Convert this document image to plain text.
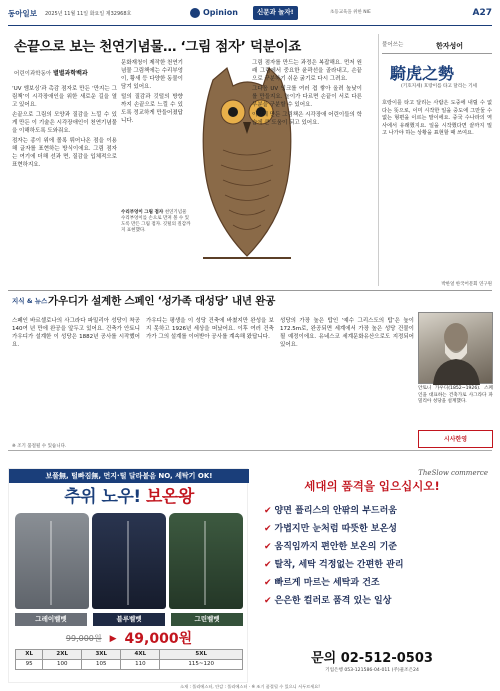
동아일보 2025년 11월 11일 화요일 제32968호	Opinion	신문과 놀자!	초등교육을 위한 NIE	A27
손끝으로 보는 천연기념물… ‘그림 점자’ 덕분이죠
어린이과학동아 별별과학백과

‘UV 엠보싱’과 촉감 점자로 만든 ‘만지는 그림책’이 시각장애인을 위한 새로운 길을 열고 있어요.

손끝으로 그림의 모양과 질감을 느낄 수 있게 만든 이 기술은 시각장애인이 천연기념물을 이해하도록 도와줘요.

점자는 종이 위에 볼록 튀어나온 점을 이용해 글자를 표현하는 방식이에요. 그림 점자는 여기에 더해 선과 면, 질감을 입체적으로 표현하지요.

문화재청이 제작한 천연기념물 그림책에는 수리부엉이, 황새 등 다양한 동물이 담겨 있어요.

털의 질감과 깃털의 방향까지 손끝으로 느낄 수 있도록 정교하게 만들어졌답니다.

수리부엉이 그림 점자 천연기념물 수리부엉이를 손으로 만져 볼 수 있도록 만든 그림 점자. 깃털의 질감까지 표현했다.

그림 점자를 만드는 과정은 복잡해요. 먼저 원래 그림에서 중요한 윤곽선을 골라내고, 손끝으로 구분하기 쉬운 굵기로 다시 그려요.

그다음 UV 잉크를 여러 겹 쌓아 올려 높낮이를 만들지요. 높이가 다르면 손끝이 서로 다른 부분을 구분할 수 있어요.

이렇게 만든 그림책은 시각장애 어린이들의 학습에 큰 도움이 되고 있어요.

풀어쓰는	한자성어
騎虎之勢
(기호지세) 호랑이를 타고 달리는 기세
호랑이를 타고 달리는 사람은 도중에 내릴 수 없다는 뜻으로, 이미 시작한 일을 중도에 그만둘 수 없는 형편을 이르는 말이에요. 중국 수나라의 역사에서 유래했지요. 일을 시작했다면 끝까지 밀고 나가야 하는 상황을 표현할 때 쓰여요.
박한얼 한국어문회 연구원
지식 & 뉴스 가우디가 설계한 스페인 ‘성가족 대성당’ 내년 완공
스페인 바르셀로나의 사그라다 파밀리아 성당이 착공 140여 년 만에 완공을 앞두고 있어요. 건축가 안토니 가우디가 설계한 이 성당은 1882년 공사를 시작했어요.
가우디는 평생을 이 성당 건축에 바쳤지만 완성을 보지 못하고 1926년 세상을 떠났어요. 이후 여러 건축가가 그의 설계를 이어받아 공사를 계속해 왔답니다.
성당의 가장 높은 탑인 ‘예수 그리스도의 탑’은 높이 172.5m로, 완공되면 세계에서 가장 높은 성당 건물이 될 예정이에요. 유네스코 세계문화유산으로도 지정되어 있어요.
안토니 가우디(1852~1926). 스페인을 대표하는 건축가로 사그라다 파밀리아 성당을 설계했다.
시사한영
※ 조기 품절될 수 있습니다.
보풀無, 털빠짐無, 먼지·털 달라붙음 NO, 세탁기 OK!
추위 노우! 보온왕
그레이벨벳	블루벨벳	그린벨벳
99,000원 ▶ 49,000원
XL	2XL	3XL	4XL	5XL
95	100	105	110	115~120
TheSlow commerce
세대의 품격을 입으십시오!
✔ 양면 플리스의 안팎의 부드러움
✔ 가볍지만 눈처럼 따뜻한 보온성
✔ 움직임까지 편안한 보온의 기준
✔ 탈착, 세탁 걱정없는 간편한 관리
✔ 빠르게 마르는 세탁과 건조
✔ 은은한 컬러로 품격 있는 일상
문의 02-512-0503
기업은행 053-121586-04-011 (주)물조은24
소재 : 폴리에스터, 안감 : 폴리에스터 · ※ 조기 품절될 수 있으니 서두르세요!
